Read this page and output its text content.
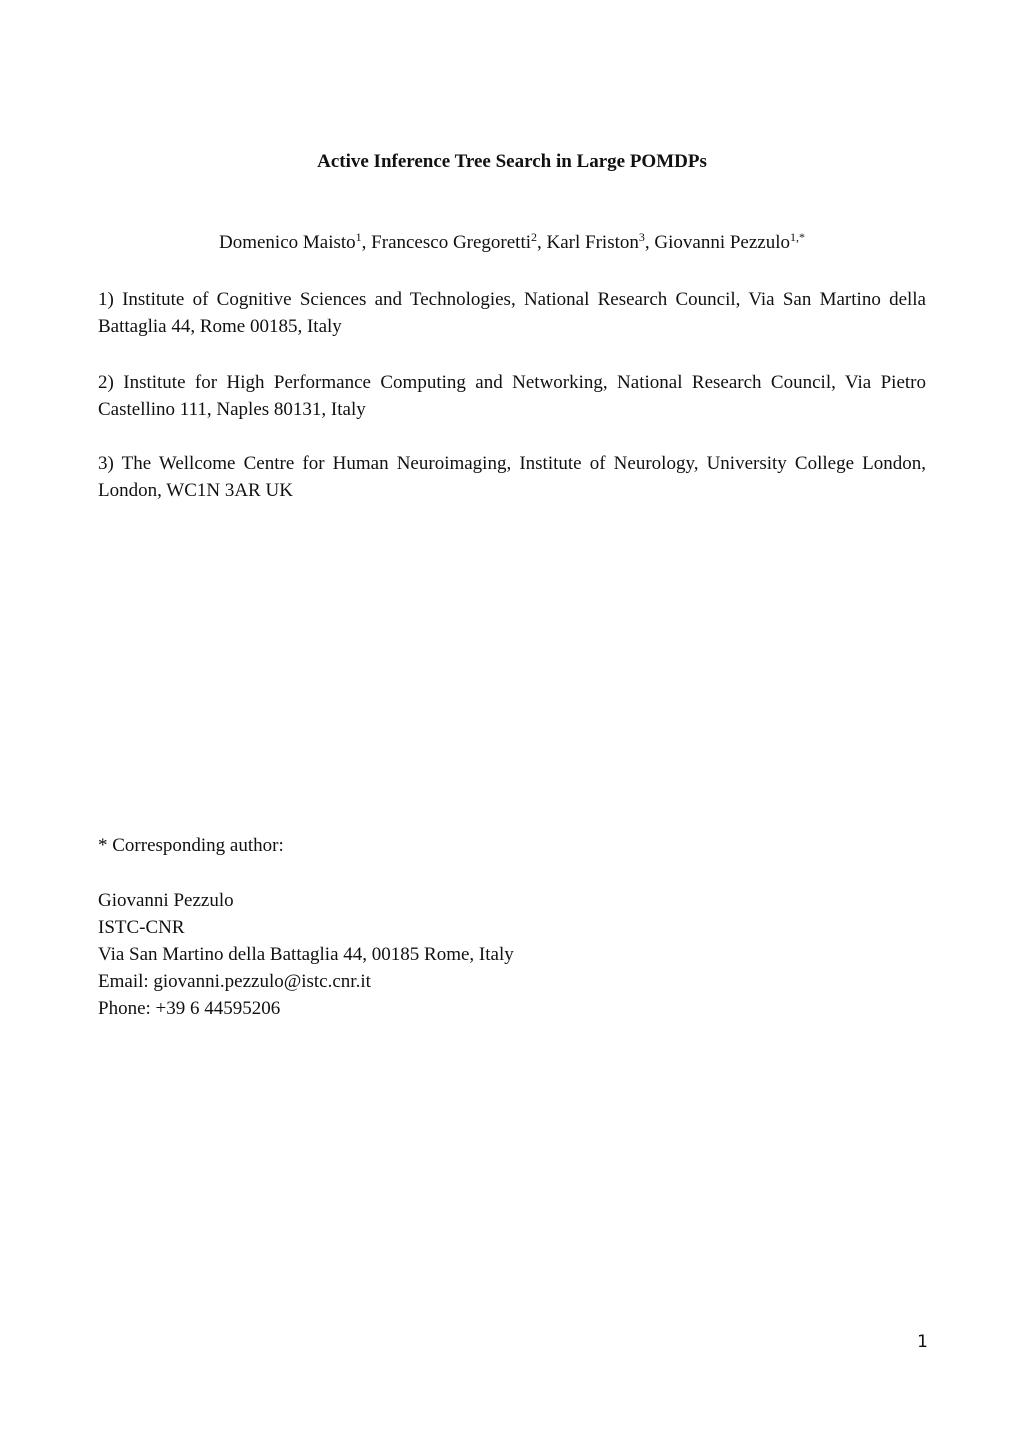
Active Inference Tree Search in Large POMDPs
Domenico Maisto$^1$, Francesco Gregoretti$^2$, Karl Friston$^3$, Giovanni Pezzulo$^{1,*}$
1) Institute of Cognitive Sciences and Technologies, National Research Council, Via San Martino della Battaglia 44, Rome 00185, Italy
2) Institute for High Performance Computing and Networking, National Research Council, Via Pietro Castellino 111, Naples 80131, Italy
3) The Wellcome Centre for Human Neuroimaging, Institute of Neurology, University College London, London, WC1N 3AR UK
* Corresponding author:
Giovanni Pezzulo
ISTC-CNR
Via San Martino della Battaglia 44, 00185 Rome, Italy
Email: giovanni.pezzulo@istc.cnr.it
Phone: +39 6 44595206
1
